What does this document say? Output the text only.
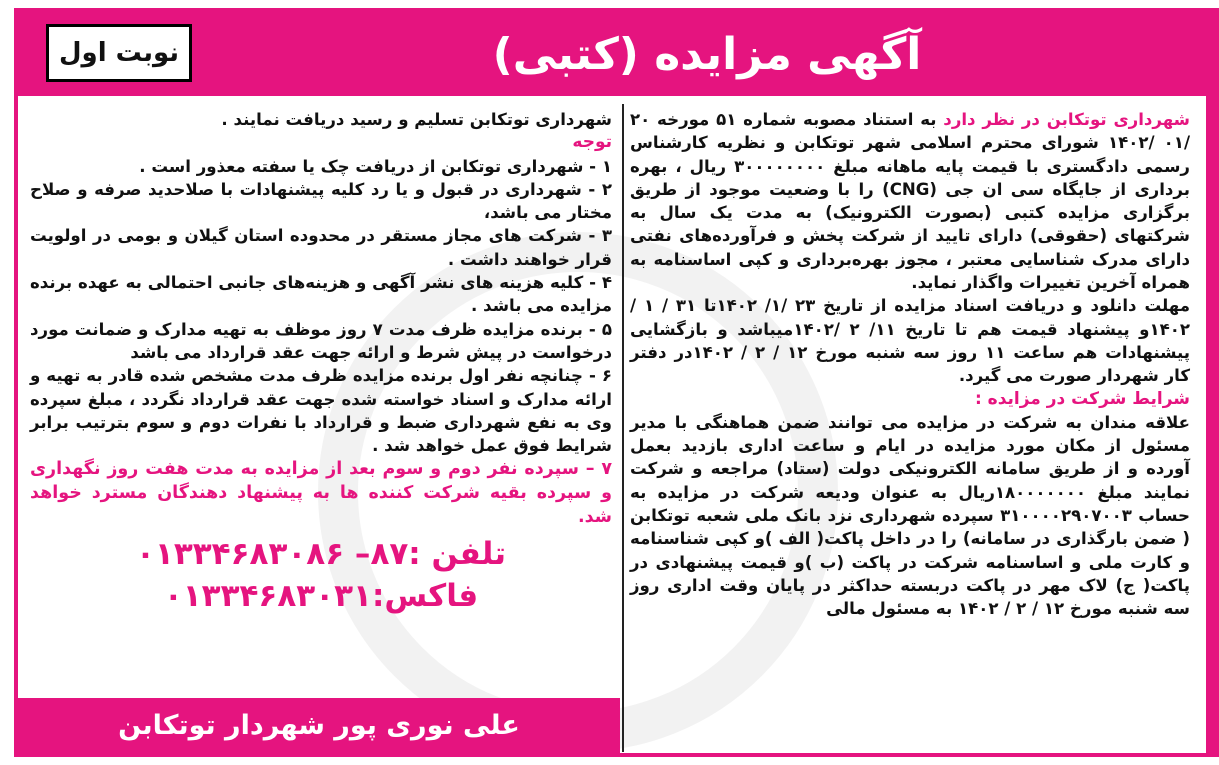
نوبت اول	آگهی مزایده (کتبی)

شهرداری توتکابن در نظر دارد به استناد مصوبه شماره ۵۱ مورخه ۲۰ /۰۱ /۱۴۰۲ شورای محترم اسلامی شهر توتکابن و نظریه کارشناس رسمی دادگستری با قیمت پایه ماهانه مبلغ ۳۰۰۰۰۰۰۰۰ ریال ، بهره برداری از جایگاه سی ان جی (CNG) را با وضعیت موجود از طریق برگزاری مزایده کتبی (بصورت الکترونیک) به مدت یک سال به شرکتهای (حقوقی) دارای تایید از شرکت پخش و فرآورده‌های نفتی دارای مدرک شناسایی معتبر ، مجوز بهره‌برداری و کپی اساسنامه به همراه آخرین تغییرات واگذار نماید.

مهلت دانلود و دریافت اسناد مزایده از تاریخ ۲۳ /۱/ ۱۴۰۲تا ۳۱ / ۱ / ۱۴۰۲و پیشنهاد قیمت هم تا تاریخ ۱۱/ ۲ /۱۴۰۲میباشد و بازگشایی پیشنهادات هم ساعت ۱۱ روز سه شنبه مورخ ۱۲ / ۲ / ۱۴۰۲در دفتر کار شهردار صورت می گیرد.

شرایط شرکت در مزایده :

علاقه مندان به شرکت در مزایده می توانند ضمن هماهنگی با مدیر مسئول از مکان مورد مزایده در ایام و ساعت اداری بازدید بعمل آورده و از طریق سامانه الکترونیکی دولت (ستاد) مراجعه و شرکت نمایند مبلغ ۱۸۰۰۰۰۰۰۰ریال به عنوان ودیعه شرکت در مزایده به حساب ۳۱۰۰۰۰۲۹۰۷۰۰۳ سپرده شهرداری نزد بانک ملی شعبه توتکابن ( ضمن بارگذاری در سامانه) را در داخل پاکت( الف )و کپی شناسنامه و کارت ملی و اساسنامه شرکت در پاکت (ب )و قیمت پیشنهادی در پاکت( ج) لاک مهر در پاکت دربسته حداکثر در پایان وقت اداری روز سه شنبه مورخ ۱۲ / ۲ / ۱۴۰۲ به مسئول مالی

شهرداری توتکابن تسلیم و رسید دریافت نمایند .

توجه

۱ - شهرداری توتکابن از دریافت چک یا سفته معذور است .

۲ - شهرداری در قبول و یا رد کلیه پیشنهادات با صلاحدید صرفه و صلاح مختار می باشد،

۳ - شرکت های مجاز مستقر در محدوده استان گیلان و بومی در اولویت قرار خواهند داشت .

۴ - کلیه هزینه های نشر آگهی و هزینه‌های جانبی احتمالی به عهده برنده مزایده می باشد .

۵ - برنده مزایده ظرف مدت ۷ روز موظف به تهیه مدارک و ضمانت مورد درخواست در پیش شرط و ارائه جهت عقد قرارداد می باشد

۶ - چنانچه نفر اول برنده مزایده ظرف مدت مشخص شده قادر به تهیه و ارائه مدارک و اسناد خواسته شده جهت عقد قرارداد نگردد ، مبلغ سپرده وی به نفع شهرداری ضبط و قرارداد با نفرات دوم و سوم بترتیب برابر شرایط فوق عمل خواهد شد .

۷ – سپرده نفر دوم و سوم بعد از مزایده به مدت هفت روز نگهداری و سپرده بقیه شرکت کننده ها به پیشنهاد دهندگان مسترد خواهد شد.

تلفن :۸۷– ۰۱۳۳۴۶۸۳۰۸۶
فاکس:۰۱۳۳۴۶۸۳۰۳۱
علی نوری پور شهردار توتکابن
